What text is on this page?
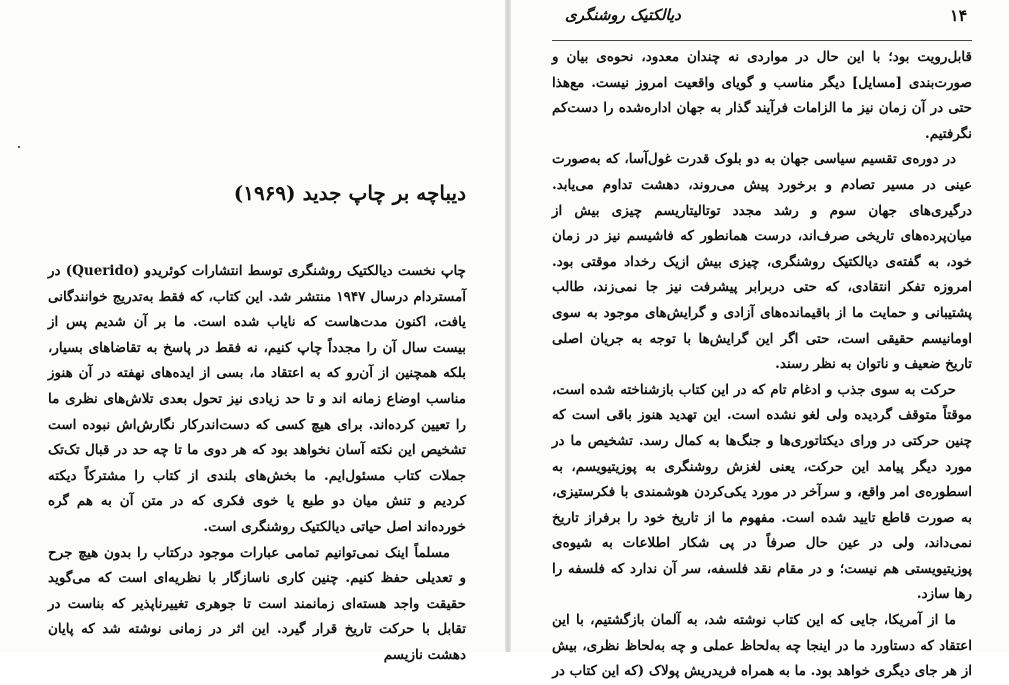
دیباچه بر چاپ جدید (۱۹۶۹)
دیالکتیک روشنگری	۱۴

قابل‌رویت بود؛ با این حال در مواردی نه چندان معدود، نحوه‌ی بیان و صورت‌بندی [مسایل] دیگر مناسب و گویای واقعیت امروز نیست. مع‌هذا حتی در آن زمان نیز ما الزامات فرآیند گذار به جهان اداره‌شده را دست‌کم نگرفتیم.

در دوره‌ی تقسیم سیاسی جهان به دو بلوک قدرت غول‌آسا، که به‌صورت عینی در مسیر تصادم و برخورد پیش می‌روند، دهشت تداوم می‌یابد. درگیری‌های جهان سوم و رشد مجدد توتالیتاریسم چیزی بیش از میان‌پرده‌های تاریخی صرف‌اند، درست همانطور که فاشیسم نیز در زمان خود، به گفته‌ی دیالکتیک روشنگری، چیزی بیش ازیک رخداد موقتی بود. امروزه تفکر انتقادی، که حتی دربرابر پیشرفت نیز جا نمی‌زند، طالب پشتیبانی و حمایت ما از باقیمانده‌های آزادی و گرایش‌های موجود به سوی اومانیسم حقیقی است، حتی اگر این گرایش‌ها با توجه به جریان اصلی تاریخ ضعیف و ناتوان به نظر رسند.

حرکت به سوی جذب و ادغام تام که در این کتاب بازشناخته شده است، موقتاً متوقف گردیده ولی لغو نشده است. این تهدید هنوز باقی است که چنین حرکتی در ورای دیکتاتوری‌ها و جنگ‌ها به کمال رسد. تشخیص ما در مورد دیگر پیامد این حرکت، یعنی لغزش روشنگری به پوزیتیویسم، به اسطوره‌ی امر واقع، و سرآخر در مورد یکی‌کردن هوشمندی با فکرستیزی، به صورت قاطع تایید شده است. مفهوم ما از تاریخ خود را برفراز تاریخ نمی‌داند، ولی در عین حال صرفاً در پی شکار اطلاعات به شیوه‌ی پوزیتیویستی هم نیست؛ و در مقام نقد فلسفه، سر آن ندارد که فلسفه را رها سازد.

ما از آمریکا، جایی که این کتاب نوشته شد، به آلمان بازگشتیم، با این اعتقاد که دستاورد ما در اینجا چه به‌لحاظ عملی و چه به‌لحاظ نظری، بیش از هر جای دیگری خواهد بود. ما به همراه فریدریش پولاک (که این کتاب در

چاپ نخست دیالکتیک روشنگری توسط انتشارات کوئریدو (Querido) در آمستردام درسال ۱۹۴۷ منتشر شد. این کتاب، که فقط به‌تدریج خوانندگانی یافت، اکنون مدت‌هاست که نایاب شده است. ما بر آن شدیم پس از بیست سال آن را مجدداً چاپ کنیم، نه فقط در پاسخ به تقاضاهای بسیار، بلکه همچنین از آن‌رو که به اعتقاد ما، بسی از ایده‌های نهفته در آن هنوز مناسب اوضاع زمانه اند و تا حد زیادی نیز تحول بعدی تلاش‌های نظری ما را تعیین کرده‌اند. برای هیچ کسی که دست‌اندرکار نگارش‌اش نبوده است تشخیص این نکته آسان نخواهد بود که هر دوی ما تا چه حد در قبال تک‌تک جملات کتاب مسئول‌ایم. ما بخش‌های بلندی از کتاب را مشترکاً دیکته کردیم و تنش میان دو طبع یا خوی فکری که در متن آن به هم گره خورده‌اند اصل حیاتی دیالکتیک روشنگری است.

مسلماً اینک نمی‌توانیم تمامی عبارات موجود درکتاب را بدون هیچ جرح و تعدیلی حفظ کنیم. چنین کاری ناسازگار با نظریه‌ای است که می‌گوید حقیقت واجد هسته‌ای زمانمند است تا جوهری تغییرناپذیر که بناست در تقابل با حرکت تاریخ قرار گیرد. این اثر در زمانی نوشته شد که پایان دهشت نازیسم
